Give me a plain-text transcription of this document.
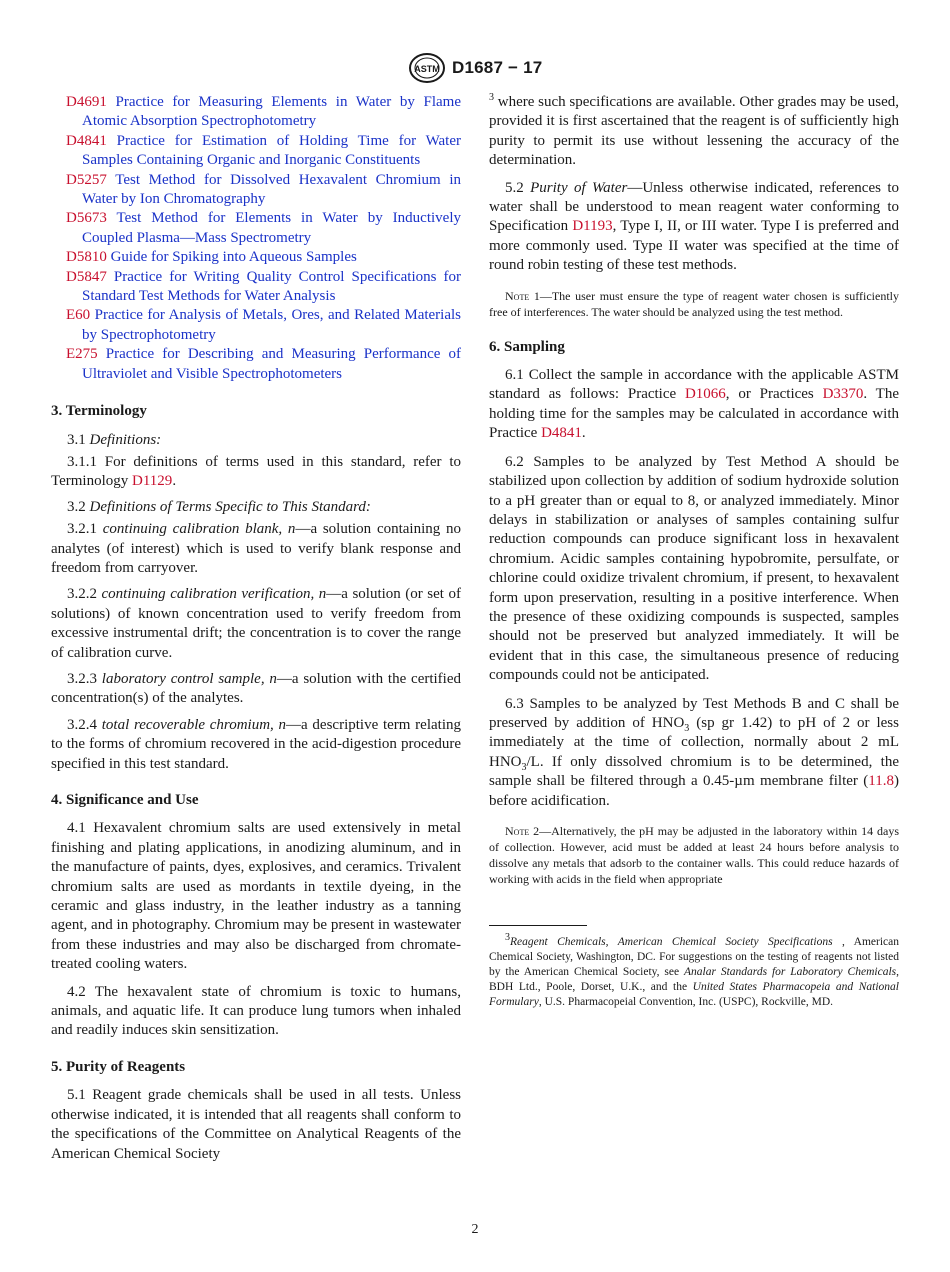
ASTM D1687 − 17

D4691 Practice for Measuring Elements in Water by Flame Atomic Absorption Spectrophotometry

D4841 Practice for Estimation of Holding Time for Water Samples Containing Organic and Inorganic Constituents

D5257 Test Method for Dissolved Hexavalent Chromium in Water by Ion Chromatography

D5673 Test Method for Elements in Water by Inductively Coupled Plasma—Mass Spectrometry

D5810 Guide for Spiking into Aqueous Samples

D5847 Practice for Writing Quality Control Specifications for Standard Test Methods for Water Analysis

E60 Practice for Analysis of Metals, Ores, and Related Materials by Spectrophotometry

E275 Practice for Describing and Measuring Performance of Ultraviolet and Visible Spectrophotometers

3. Terminology

3.1 Definitions:

3.1.1 For definitions of terms used in this standard, refer to Terminology D1129.

3.2 Definitions of Terms Specific to This Standard:

3.2.1 continuing calibration blank, n—a solution containing no analytes (of interest) which is used to verify blank response and freedom from carryover.

3.2.2 continuing calibration verification, n—a solution (or set of solutions) of known concentration used to verify freedom from excessive instrumental drift; the concentration is to cover the range of calibration curve.

3.2.3 laboratory control sample, n—a solution with the certified concentration(s) of the analytes.

3.2.4 total recoverable chromium, n—a descriptive term relating to the forms of chromium recovered in the acid-digestion procedure specified in this test standard.

4. Significance and Use

4.1 Hexavalent chromium salts are used extensively in metal finishing and plating applications, in anodizing aluminum, and in the manufacture of paints, dyes, explosives, and ceramics. Trivalent chromium salts are used as mordants in textile dyeing, in the ceramic and glass industry, in the leather industry as a tanning agent, and in photography. Chromium may be present in wastewater from these industries and may also be discharged from chromate-treated cooling waters.

4.2 The hexavalent state of chromium is toxic to humans, animals, and aquatic life. It can produce lung tumors when inhaled and readily induces skin sensitization.

5. Purity of Reagents

5.1 Reagent grade chemicals shall be used in all tests. Unless otherwise indicated, it is intended that all reagents shall conform to the specifications of the Committee on Analytical Reagents of the American Chemical Society

$^3$ where such specifications are available. Other grades may be used, provided it is first ascertained that the reagent is of sufficiently high purity to permit its use without lessening the accuracy of the determination.

5.2 Purity of Water—Unless otherwise indicated, references to water shall be understood to mean reagent water conforming to Specification D1193, Type I, II, or III water. Type I is preferred and more commonly used. Type II water was specified at the time of round robin testing of these test methods.

Note 1—The user must ensure the type of reagent water chosen is sufficiently free of interferences. The water should be analyzed using the test method.

6. Sampling

6.1 Collect the sample in accordance with the applicable ASTM standard as follows: Practice D1066, or Practices D3370. The holding time for the samples may be calculated in accordance with Practice D4841.

6.2 Samples to be analyzed by Test Method A should be stabilized upon collection by addition of sodium hydroxide solution to a pH greater than or equal to 8, or analyzed immediately. Minor delays in stabilization or analyses of samples containing sulfur reduction compounds can produce significant loss in hexavalent chromium. Acidic samples containing hypobromite, persulfate, or chlorine could oxidize trivalent chromium, if present, to hexavalent form upon preservation, resulting in a positive interference. When the presence of these oxidizing compounds is suspected, samples should not be preserved but analyzed immediately. It will be evident that in this case, the simultaneous presence of reducing compounds could not be anticipated.

6.3 Samples to be analyzed by Test Methods B and C shall be preserved by addition of $HNO_3$ (sp gr 1.42) to pH of 2 or less immediately at the time of collection, normally about 2 mL $HNO_3/L$. If only dissolved chromium is to be determined, the sample shall be filtered through a 0.45-µm membrane filter (11.8) before acidification.

Note 2—Alternatively, the pH may be adjusted in the laboratory within 14 days of collection. However, acid must be added at least 24 hours before analysis to dissolve any metals that adsorb to the container walls. This could reduce hazards of working with acids in the field when appropriate

$^3$Reagent Chemicals, American Chemical Society Specifications , American Chemical Society, Washington, DC. For suggestions on the testing of reagents not listed by the American Chemical Society, see Analar Standards for Laboratory Chemicals, BDH Ltd., Poole, Dorset, U.K., and the United States Pharmacopeia and National Formulary, U.S. Pharmacopeial Convention, Inc. (USPC), Rockville, MD.

2
